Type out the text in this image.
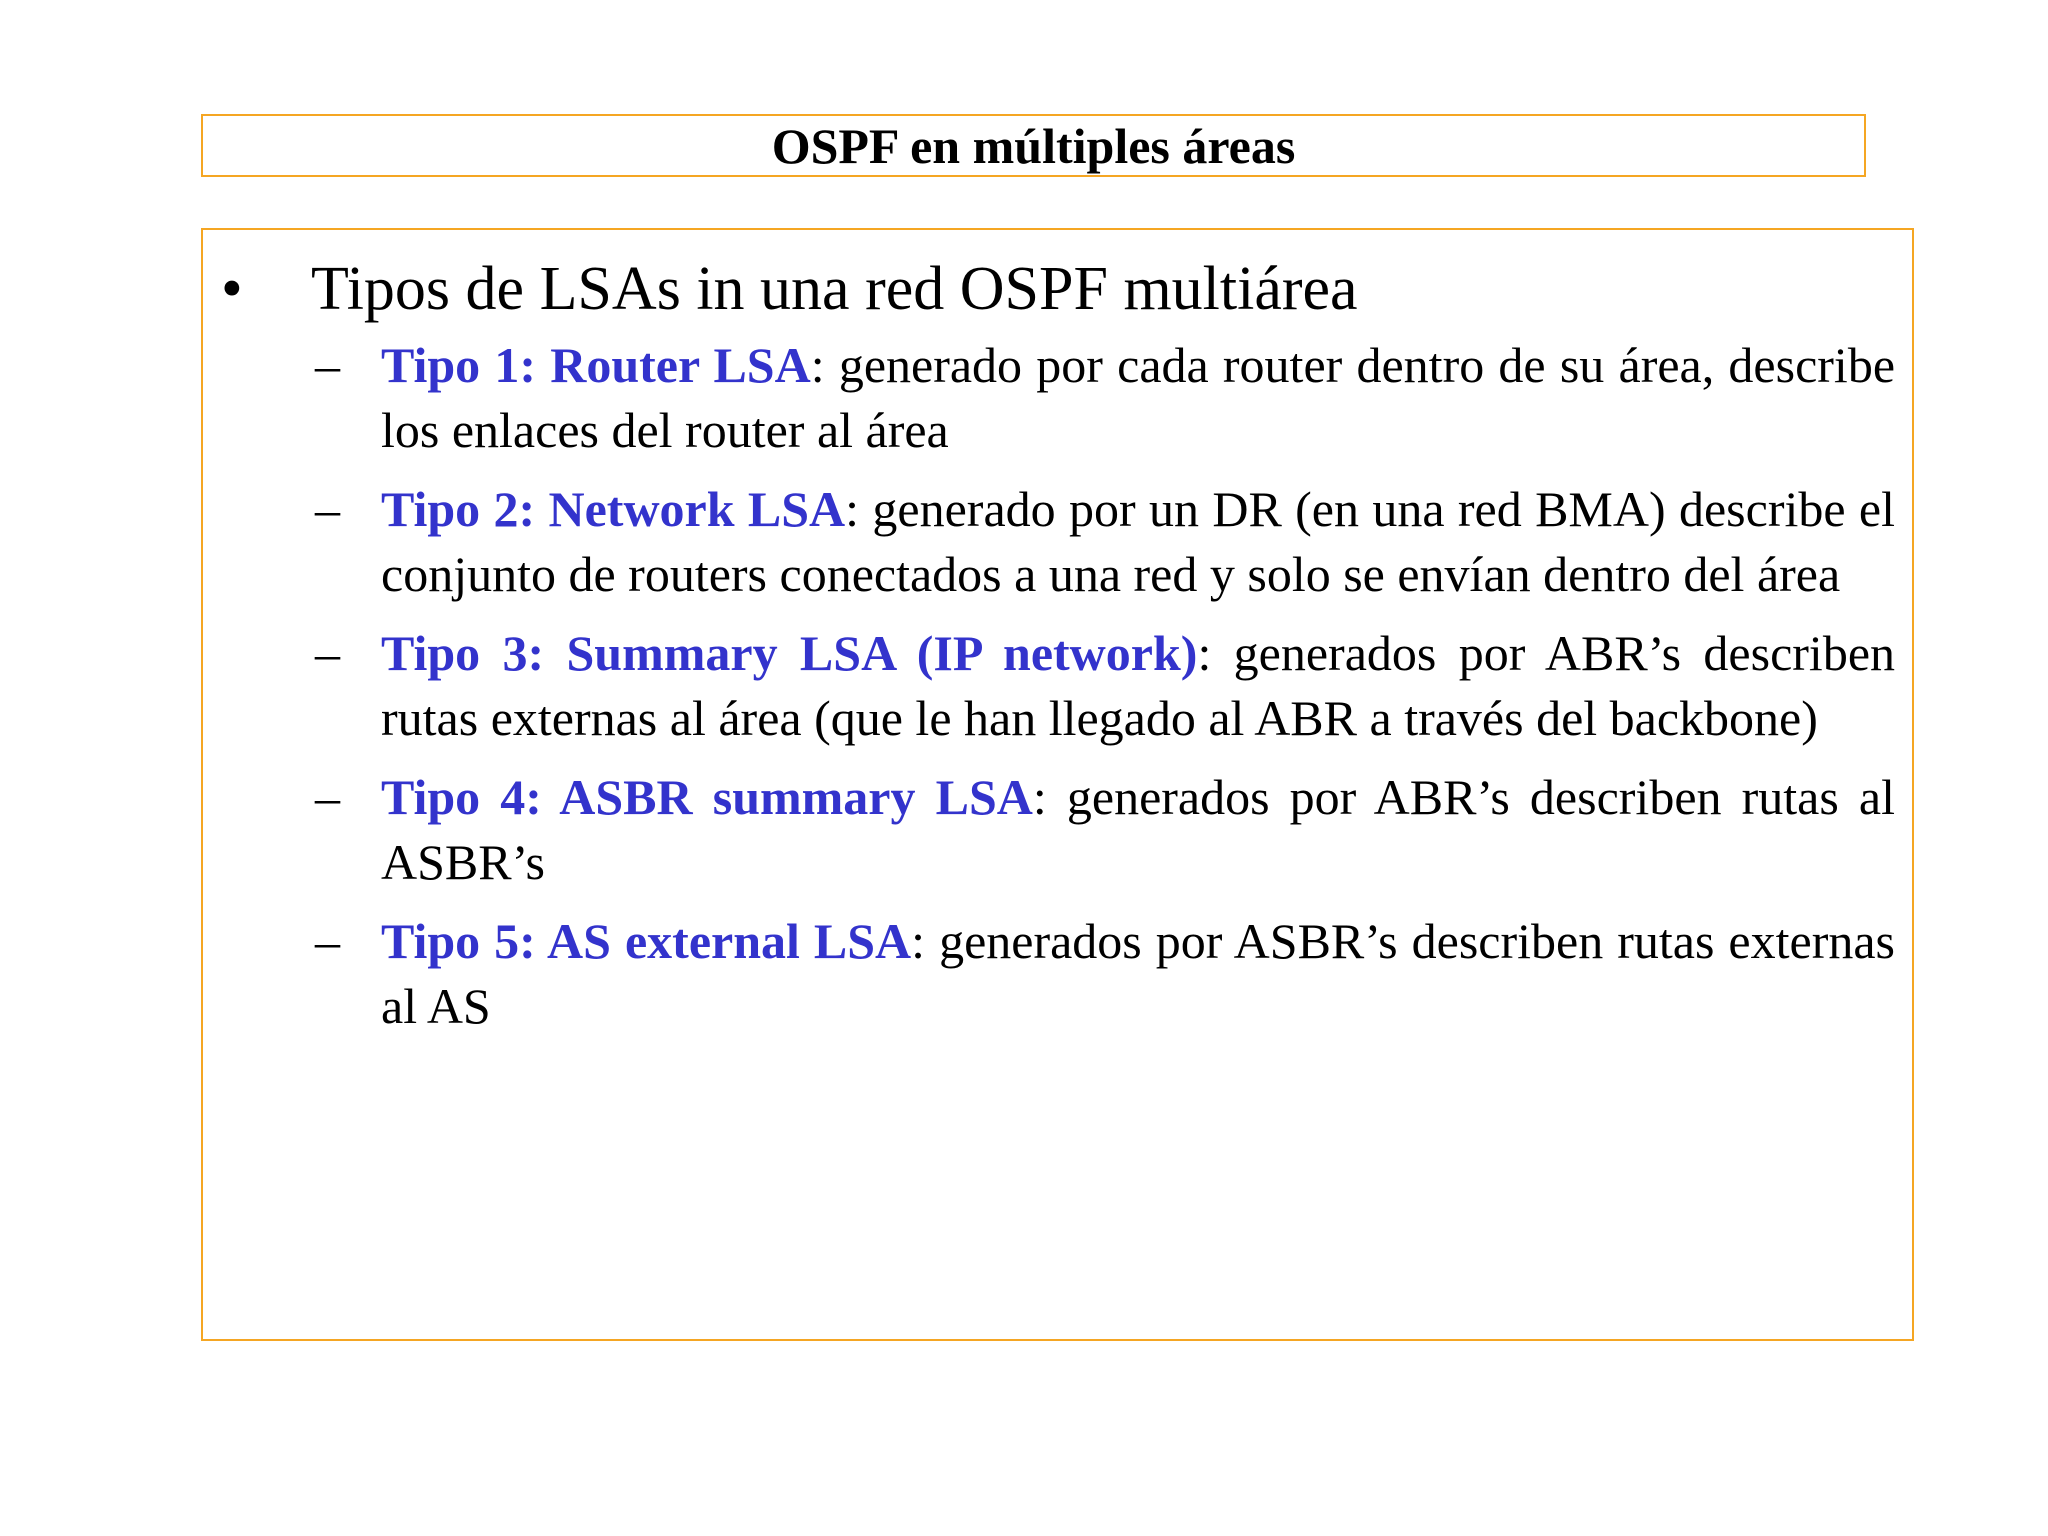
OSPF en múltiples áreas
•	Tipos de LSAs in una red OSPF multiárea
– Tipo 1: Router LSA: generado por cada router dentro de su área, describe los enlaces del router al área
– Tipo 2: Network LSA: generado por un DR (en una red BMA) describe el conjunto de routers conectados a una red y solo se envían dentro del área
– Tipo 3: Summary LSA (IP network): generados por ABR’s describen rutas externas al área (que le han llegado al ABR a través del backbone)
– Tipo 4: ASBR summary LSA: generados por ABR’s describen rutas al ASBR’s
– Tipo 5: AS external LSA: generados por ASBR’s describen rutas externas al AS
